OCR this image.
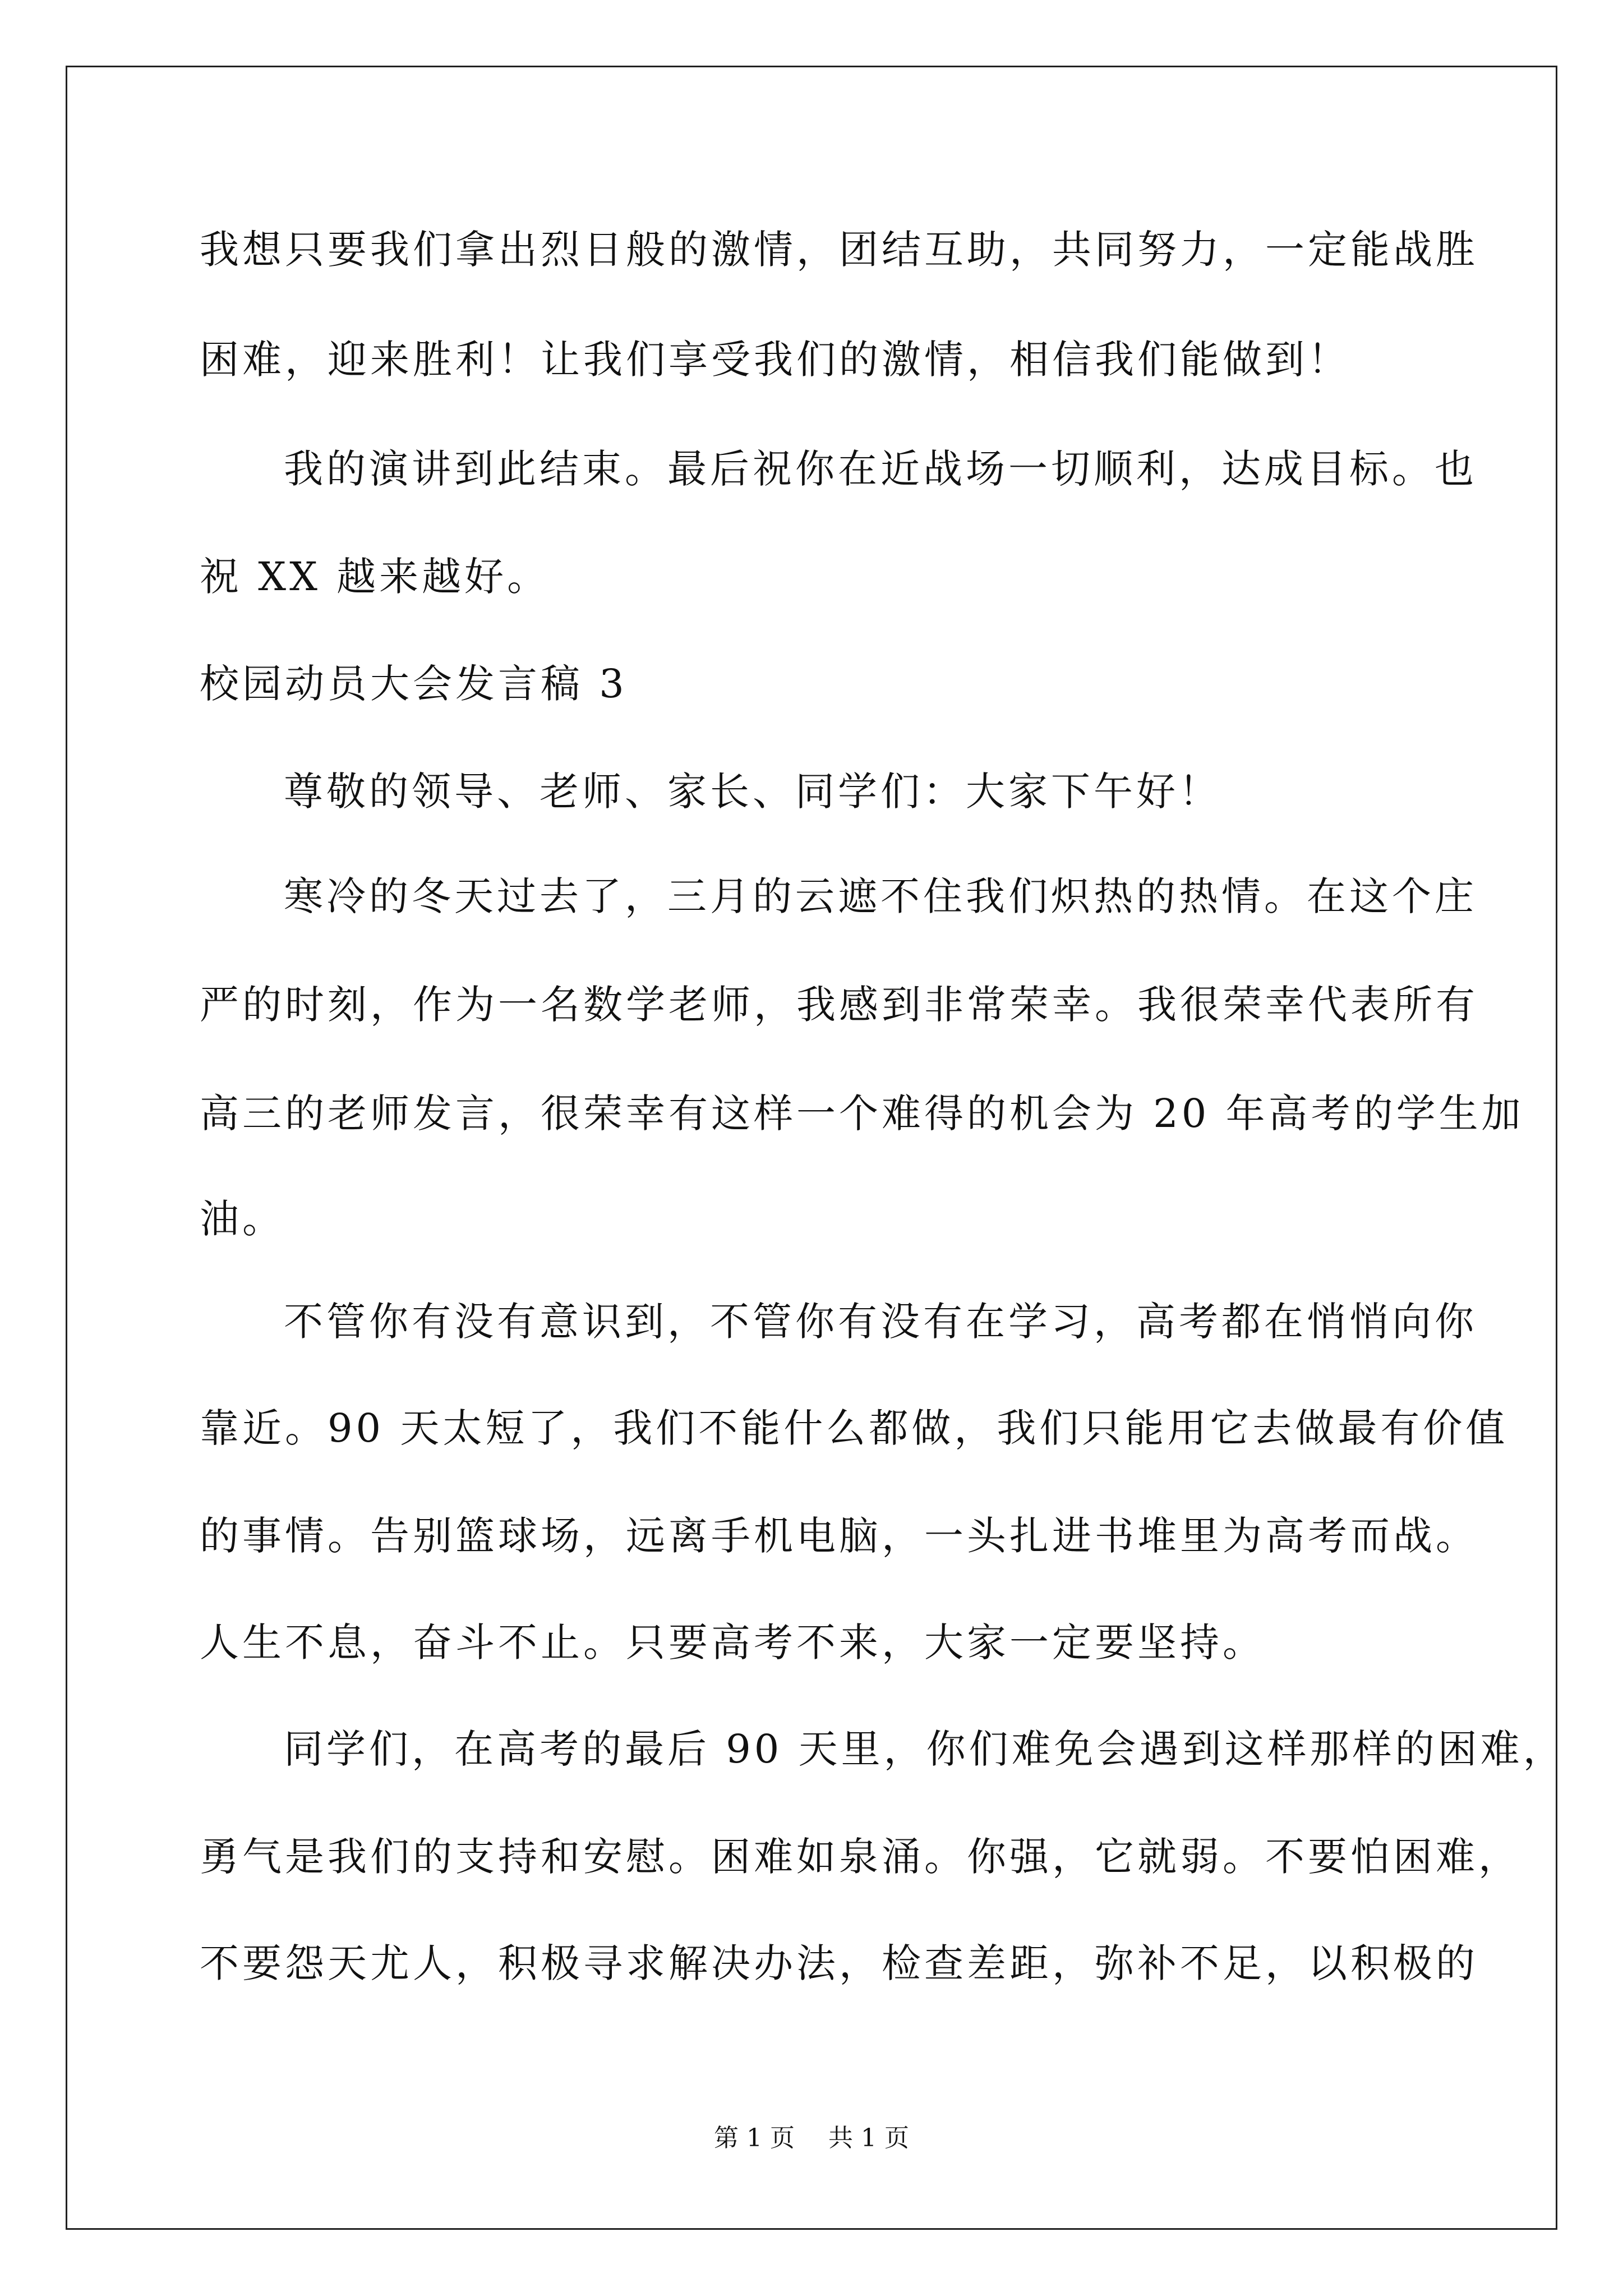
我想只要我们拿出烈日般的激情，团结互助，共同努力，一定能战胜
困难，迎来胜利！让我们享受我们的激情，相信我们能做到！
我的演讲到此结束。最后祝你在近战场一切顺利，达成目标。也
祝 XX 越来越好。
校园动员大会发言稿 3
尊敬的领导、老师、家长、同学们：大家下午好！
寒冷的冬天过去了，三月的云遮不住我们炽热的热情。在这个庄
严的时刻，作为一名数学老师，我感到非常荣幸。我很荣幸代表所有
高三的老师发言，很荣幸有这样一个难得的机会为 20 年高考的学生加
油。
不管你有没有意识到，不管你有没有在学习，高考都在悄悄向你
靠近。90 天太短了，我们不能什么都做，我们只能用它去做最有价值
的事情。告别篮球场，远离手机电脑，一头扎进书堆里为高考而战。
人生不息，奋斗不止。只要高考不来，大家一定要坚持。
同学们，在高考的最后 90 天里，你们难免会遇到这样那样的困难，
勇气是我们的支持和安慰。困难如泉涌。你强，它就弱。不要怕困难，
不要怨天尤人，积极寻求解决办法，检查差距，弥补不足，以积极的
第 1 页 共 1 页
